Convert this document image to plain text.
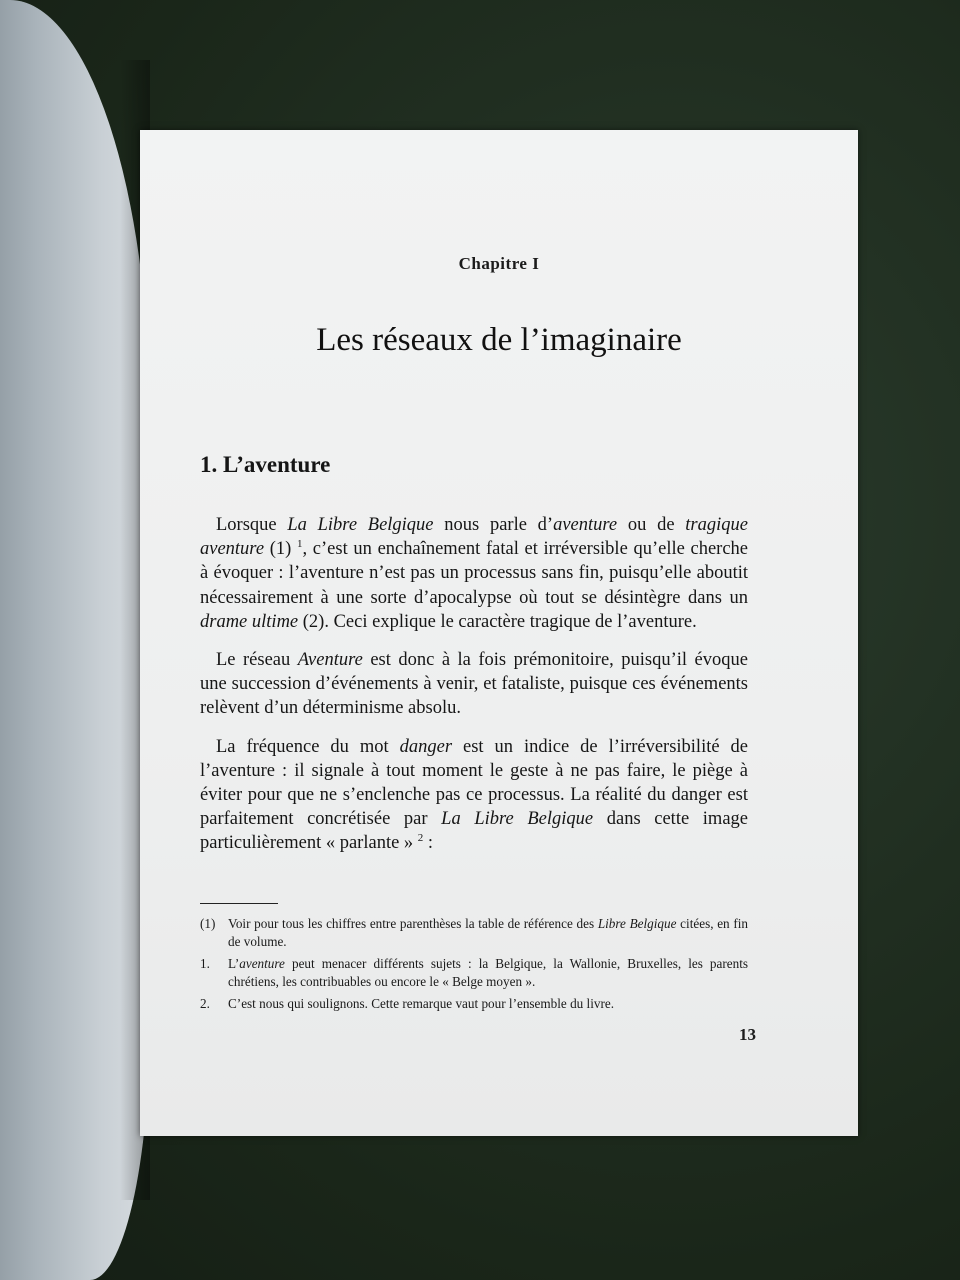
Chapitre I
Les réseaux de l’imaginaire
1. L’aventure

Lorsque La Libre Belgique nous parle d’aventure ou de tragique aventure (1) $^1$, c’est un enchaînement fatal et irréversible qu’elle cherche à évoquer : l’aventure n’est pas un processus sans fin, puisqu’elle aboutit nécessairement à une sorte d’apocalypse où tout se désintègre dans un drame ultime (2). Ceci explique le caractère tragique de l’aventure.

Le réseau Aventure est donc à la fois prémonitoire, puisqu’il évoque une succession d’événements à venir, et fataliste, puisque ces événements relèvent d’un déterminisme absolu.

La fréquence du mot danger est un indice de l’irréversibilité de l’aventure : il signale à tout moment le geste à ne pas faire, le piège à éviter pour que ne s’enclenche pas ce processus. La réalité du danger est parfaitement concrétisée par La Libre Belgique dans cette image particulièrement « parlante » $^2$ :

(1) Voir pour tous les chiffres entre parenthèses la table de référence des Libre Belgique citées, en fin de volume.
1.	L’aventure peut menacer différents sujets : la Belgique, la Wallonie, Bruxelles, les parents chrétiens, les contribuables ou encore le « Belge moyen ».
2.	C’est nous qui soulignons. Cette remarque vaut pour l’ensemble du livre.
13
